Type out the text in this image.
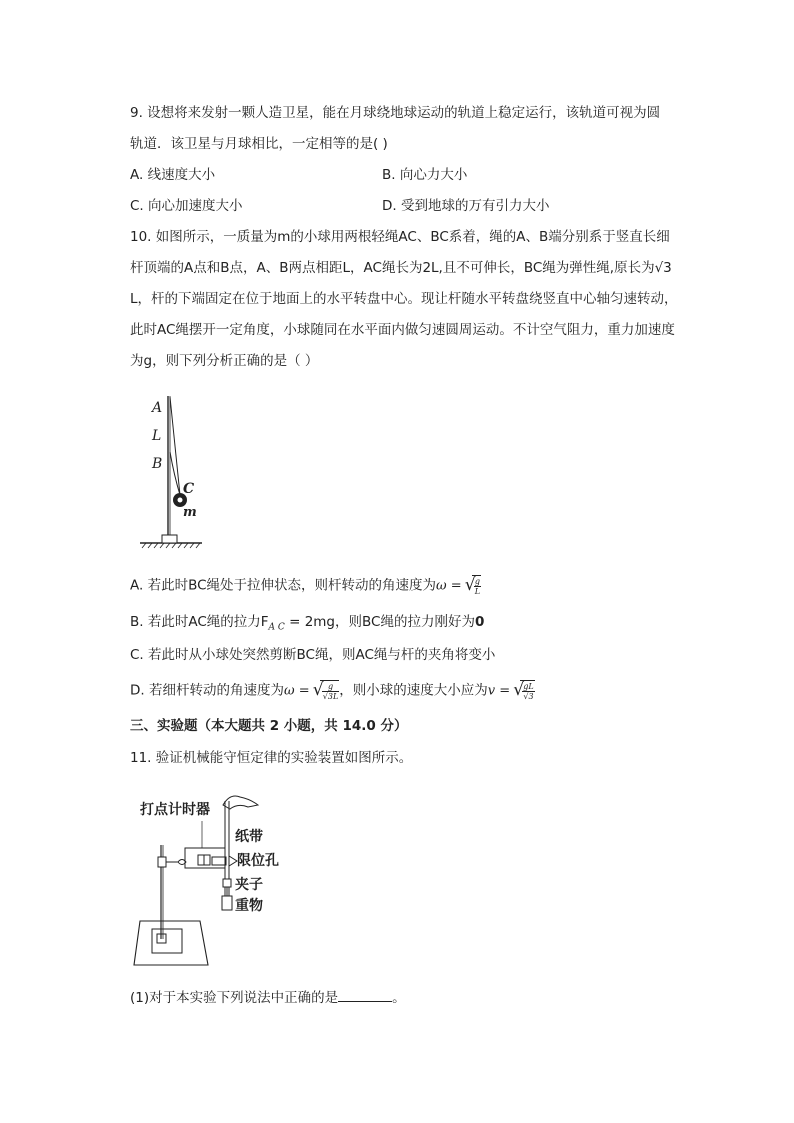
9. 设想将来发射一颗人造卫星，能在月球绕地球运动的轨道上稳定运行，该轨道可视为圆
轨道．该卫星与月球相比，一定相等的是( )
A. 线速度大小	B. 向心力大小
C. 向心加速度大小	D. 受到地球的万有引力大小
10. 如图所示，一质量为m的小球用两根轻绳AC、BC系着，绳的A、B端分别系于竖直长细
杆顶端的A点和B点，A、B两点相距L，AC绳长为2L,且不可伸长，BC绳为弹性绳,原长为√3
L，杆的下端固定在位于地面上的水平转盘中心。现让杆随水平转盘绕竖直中心轴匀速转动，
此时AC绳摆开一定角度，小球随同在水平面内做匀速圆周运动。不计空气阻力，重力加速度
为g，则下列分析正确的是（ ）
A
L
B
C
m
A. 若此时BC绳处于拉伸状态，则杆转动的角速度为ω = √ $\frac{g}{L}$
B. 若此时AC绳的拉力$F_{A C} = 2mg$，则BC绳的拉力刚好为0
C. 若此时从小球处突然剪断BC绳，则AC绳与杆的夹角将变小
D. 若细杆转动的角速度为ω = √ $\frac{g}{√3L}$ ，则小球的速度大小应为v = √ $\frac{gL}{√3}$
三、实验题（本大题共 2 小题，共 14.0 分）
11. 验证机械能守恒定律的实验装置如图所示。
打点计时器
纸带
限位孔
夹子
重物
(1)对于本实验下列说法中正确的是	。
